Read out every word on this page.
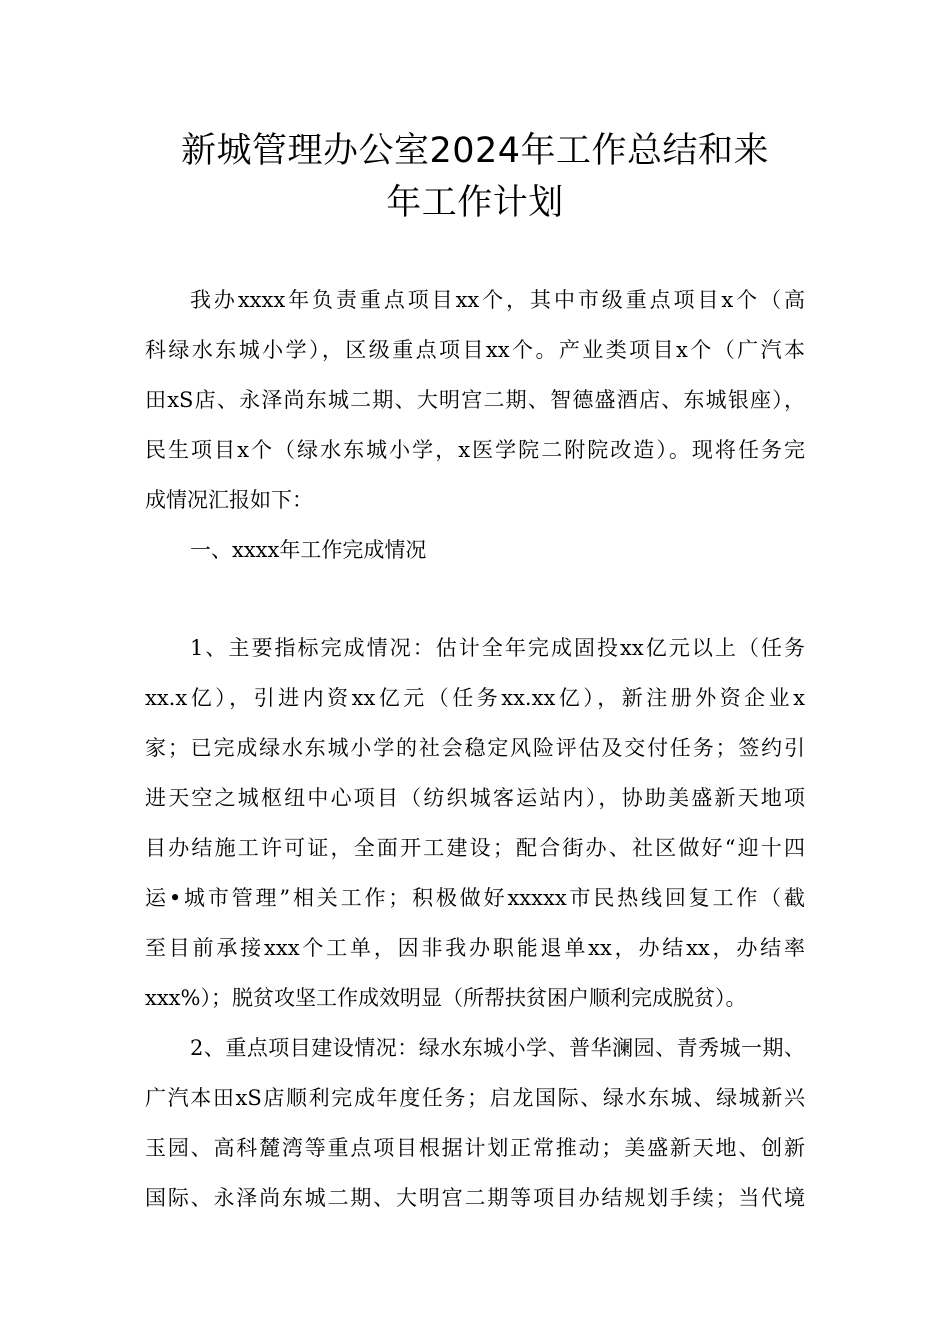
新城管理办公室2024年工作总结和来
年工作计划

我办xxxx年负责重点项目xx个，其中市级重点项目x个（高

科绿水东城小学），区级重点项目xx个。产业类项目x个（广汽本

田xS店、永泽尚东城二期、大明宫二期、智德盛酒店、东城银座），

民生项目x个（绿水东城小学，x医学院二附院改造）。现将任务完

成情况汇报如下：

一、xxxx年工作完成情况

1、主要指标完成情况：估计全年完成固投xx亿元以上（任务

xx.x亿），引进内资xx亿元（任务xx.xx亿），新注册外资企业x

家；已完成绿水东城小学的社会稳定风险评估及交付任务；签约引

进天空之城枢纽中心项目（纺织城客运站内），协助美盛新天地项

目办结施工许可证，全面开工建设；配合街办、社区做好“迎十四

运•城市管理”相关工作；积极做好xxxxx市民热线回复工作（截

至目前承接xxx个工单，因非我办职能退单xx，办结xx，办结率

xxx%）；脱贫攻坚工作成效明显（所帮扶贫困户顺利完成脱贫）。

2、重点项目建设情况：绿水东城小学、普华澜园、青秀城一期、

广汽本田xS店顺利完成年度任务；启龙国际、绿水东城、绿城新兴

玉园、高科麓湾等重点项目根据计划正常推动；美盛新天地、创新

国际、永泽尚东城二期、大明宫二期等项目办结规划手续；当代境
